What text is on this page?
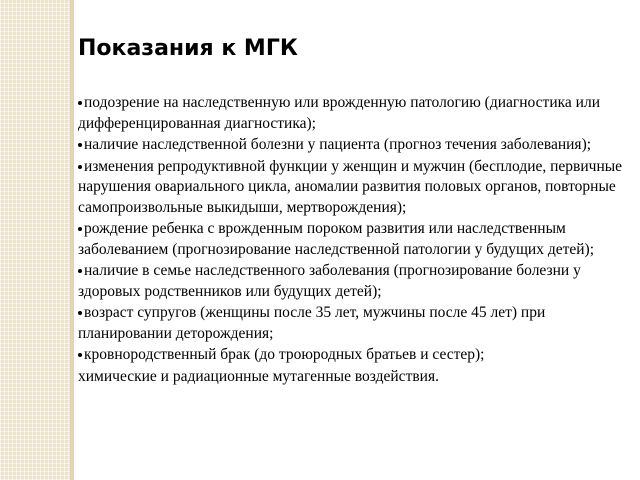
Показания к МГК
подозрение на наследственную или врожденную патологию (диагностика или дифференцированная диагностика);
наличие наследственной болезни у пациента (прогноз течения заболевания);
изменения репродуктивной функции у женщин и мужчин (бесплодие, первичные нарушения овариального цикла, аномалии развития половых органов, повторные самопроизвольные выкидыши, мертворождения);
рождение ребенка с врожденным пороком развития или наследственным заболеванием (прогнозирование наследственной патологии у будущих детей);
наличие в семье наследственного заболевания (прогнозирование болезни у здоровых родственников или будущих детей);
возраст супругов (женщины после 35 лет, мужчины после 45 лет) при планировании деторождения;
кровнородственный брак (до троюродных братьев и сестер);
химические и радиационные мутагенные воздействия.
